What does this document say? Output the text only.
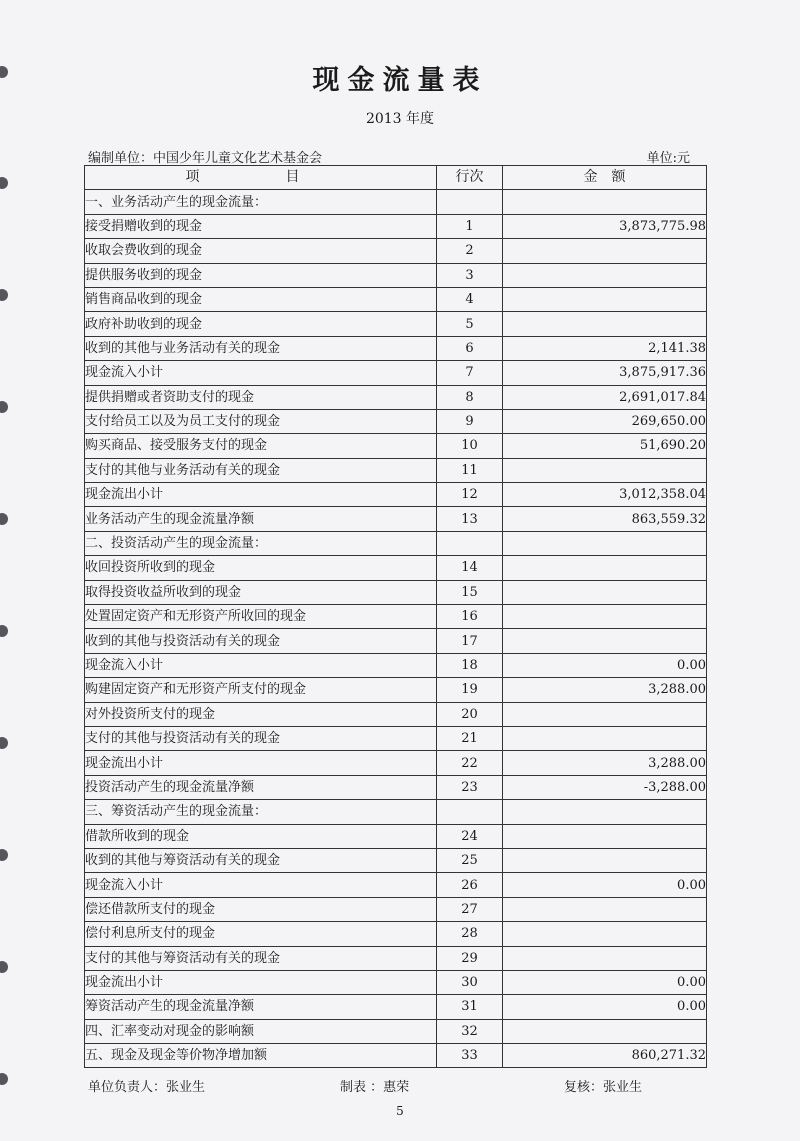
现金流量表
2013 年度
编制单位：中国少年儿童文化艺术基金会	单位:元
项　目	行次	金　额
一、业务活动产生的现金流量：		
接受捐赠收到的现金	1	3,873,775.98
收取会费收到的现金	2	
提供服务收到的现金	3	
销售商品收到的现金	4	
政府补助收到的现金	5	
收到的其他与业务活动有关的现金	6	2,141.38
现金流入小计	7	3,875,917.36
提供捐赠或者资助支付的现金	8	2,691,017.84
支付给员工以及为员工支付的现金	9	269,650.00
购买商品、接受服务支付的现金	10	51,690.20
支付的其他与业务活动有关的现金	11	
现金流出小计	12	3,012,358.04
业务活动产生的现金流量净额	13	863,559.32
二、投资活动产生的现金流量：		
收回投资所收到的现金	14	
取得投资收益所收到的现金	15	
处置固定资产和无形资产所收回的现金	16	
收到的其他与投资活动有关的现金	17	
现金流入小计	18	0.00
购建固定资产和无形资产所支付的现金	19	3,288.00
对外投资所支付的现金	20	
支付的其他与投资活动有关的现金	21	
现金流出小计	22	3,288.00
投资活动产生的现金流量净额	23	-3,288.00
三、筹资活动产生的现金流量：		
借款所收到的现金	24	
收到的其他与筹资活动有关的现金	25	
现金流入小计	26	0.00
偿还借款所支付的现金	27	
偿付利息所支付的现金	28	
支付的其他与筹资活动有关的现金	29	
现金流出小计	30	0.00
筹资活动产生的现金流量净额	31	0.00
四、汇率变动对现金的影响额	32	
五、现金及现金等价物净增加额	33	860,271.32
单位负责人：张业生	制表 ：惠荣	复核：张业生
5
